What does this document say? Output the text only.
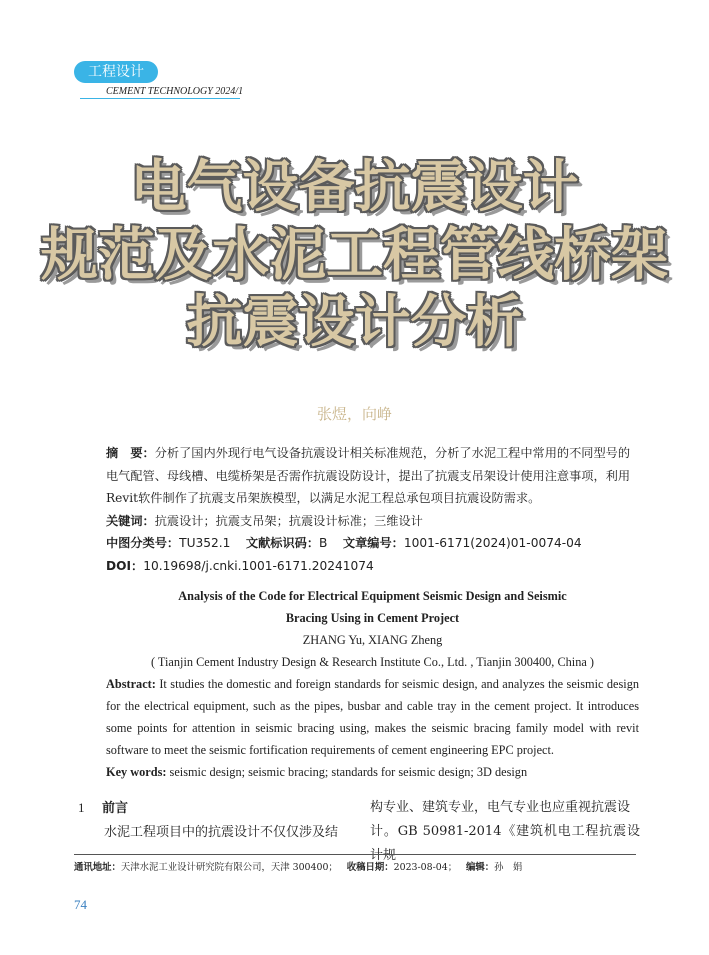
工程设计
CEMENT TECHNOLOGY 2024/1
电气设备抗震设计
规范及水泥工程管线桥架
抗震设计分析
张煜，向峥

摘　要：分析了国内外现行电气设备抗震设计相关标准规范，分析了水泥工程中常用的不同型号的电气配管、母线槽、电缆桥架是否需作抗震设防设计，提出了抗震支吊架设计使用注意事项，利用Revit软件制作了抗震支吊架族模型，以满足水泥工程总承包项目抗震设防需求。

关键词：抗震设计；抗震支吊架；抗震设计标准；三维设计

中图分类号：TU352.1 文献标识码：B 文章编号：1001-6171(2024)01-0074-04

DOI：10.19698/j.cnki.1001-6171.20241074

Analysis of the Code for Electrical Equipment Seismic Design and Seismic

Bracing Using in Cement Project

ZHANG Yu, XIANG Zheng

( Tianjin Cement Industry Design & Research Institute Co., Ltd. , Tianjin 300400, China )

Abstract: It studies the domestic and foreign standards for seismic design, and analyzes the seismic design for the electrical equipment, such as the pipes, busbar and cable tray in the cement project. It introduces some points for attention in seismic bracing using, makes the seismic bracing family model with revit software to meet the seismic fortification requirements of cement engineering EPC project.

Key words: seismic design; seismic bracing; standards for seismic design; 3D design

1 前言

水泥工程项目中的抗震设计不仅仅涉及结

构专业、建筑专业，电气专业也应重视抗震设

计。GB 50981-2014《建筑机电工程抗震设计规

通讯地址：天津水泥工业设计研究院有限公司，天津 300400； 收稿日期：2023-08-04； 编辑：孙　娟
74
